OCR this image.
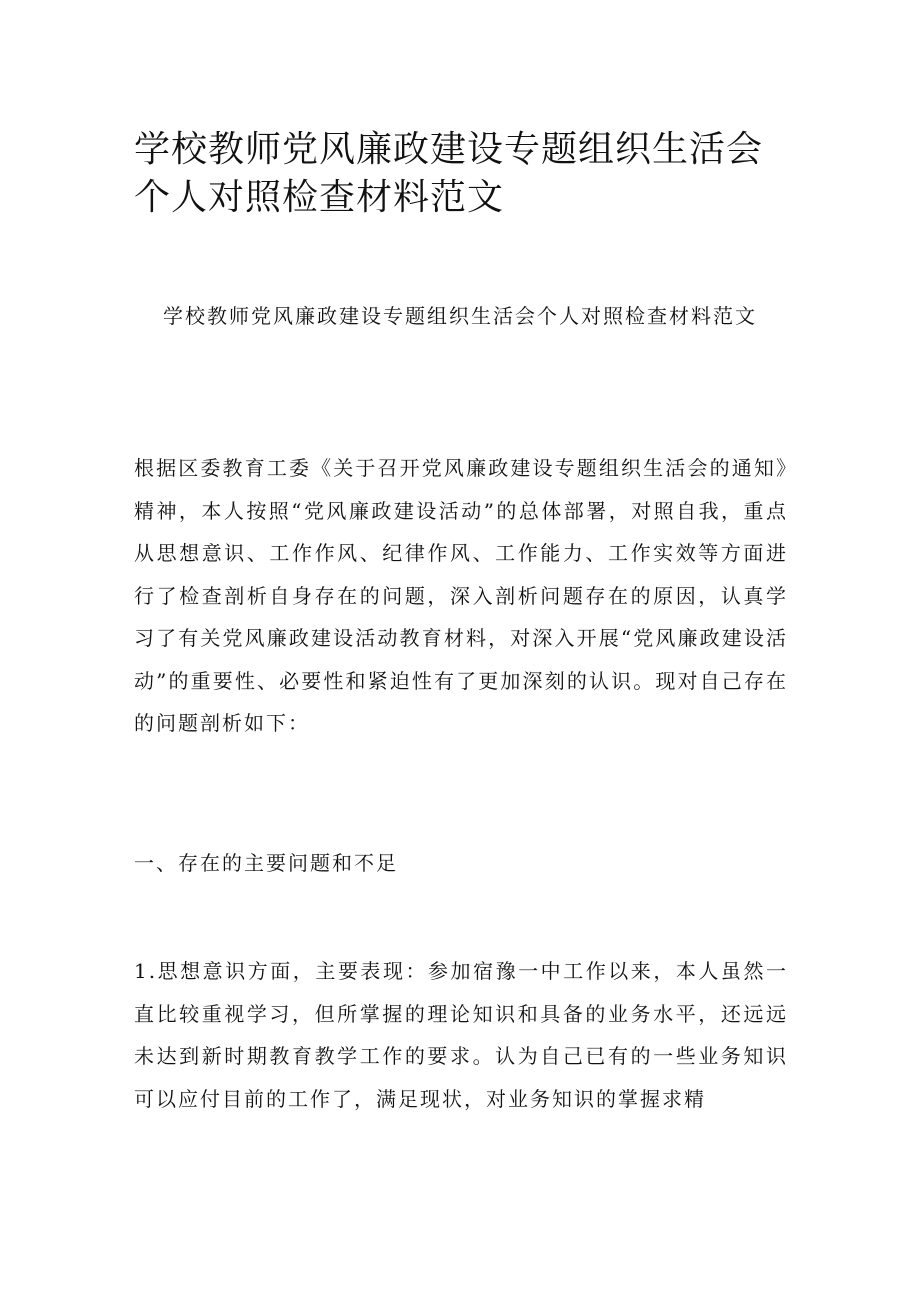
学校教师党风廉政建设专题组织生活会个人对照检查材料范文

学校教师党风廉政建设专题组织生活会个人对照检查材料范文

根据区委教育工委《关于召开党风廉政建设专题组织生活会的通知》精神，本人按照“党风廉政建设活动”的总体部署，对照自我，重点从思想意识、工作作风、纪律作风、工作能力、工作实效等方面进行了检查剖析自身存在的问题，深入剖析问题存在的原因，认真学习了有关党风廉政建设活动教育材料，对深入开展“党风廉政建设活动”的重要性、必要性和紧迫性有了更加深刻的认识。现对自己存在的问题剖析如下：

一、存在的主要问题和不足

1.思想意识方面，主要表现：参加宿豫一中工作以来，本人虽然一直比较重视学习，但所掌握的理论知识和具备的业务水平，还远远未达到新时期教育教学工作的要求。认为自己已有的一些业务知识可以应付目前的工作了，满足现状，对业务知识的掌握求精
